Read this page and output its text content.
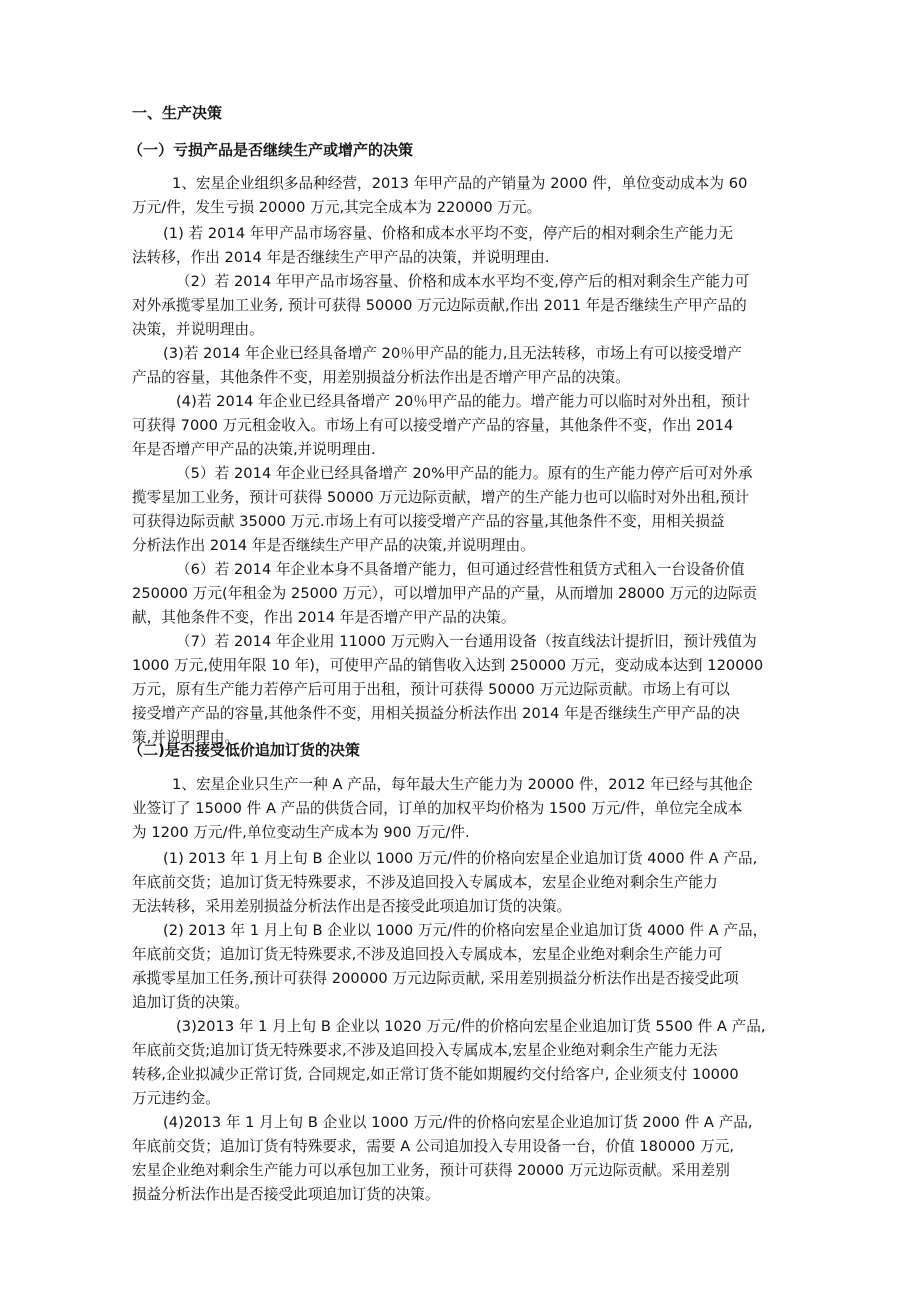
一、生产决策
（一）亏损产品是否继续生产或增产的决策
1、宏星企业组织多品种经营，2013 年甲产品的产销量为 2000 件，单位变动成本为 60
万元/件，发生亏损 20000 万元,其完全成本为 220000 万元。
(1) 若 2014 年甲产品市场容量、价格和成本水平均不变，停产后的相对剩余生产能力无
法转移，作出 2014 年是否继续生产甲产品的决策，并说明理由.
（2）若 2014 年甲产品市场容量、价格和成本水平均不变,停产后的相对剩余生产能力可
对外承揽零星加工业务, 预计可获得 50000 万元边际贡献,作出 2011 年是否继续生产甲产品的
决策，并说明理由。
(3)若 2014 年企业已经具备增产 20％甲产品的能力,且无法转移，市场上有可以接受增产
产品的容量，其他条件不变，用差别损益分析法作出是否增产甲产品的决策。
(4)若 2014 年企业已经具备增产 20％甲产品的能力。增产能力可以临时对外出租，预计
可获得 7000 万元租金收入。市场上有可以接受增产产品的容量，其他条件不变，作出 2014
年是否增产甲产品的决策,并说明理由.
（5）若 2014 年企业已经具备增产 20%甲产品的能力。原有的生产能力停产后可对外承
揽零星加工业务，预计可获得 50000 万元边际贡献，增产的生产能力也可以临时对外出租,预计
可获得边际贡献 35000 万元.市场上有可以接受增产产品的容量,其他条件不变，用相关损益
分析法作出 2014 年是否继续生产甲产品的决策,并说明理由。
（6）若 2014 年企业本身不具备增产能力，但可通过经营性租赁方式租入一台设备价值
250000 万元(年租金为 25000 万元），可以增加甲产品的产量，从而增加 28000 万元的边际贡
献，其他条件不变，作出 2014 年是否增产甲产品的决策。
（7）若 2014 年企业用 11000 万元购入一台通用设备（按直线法计提折旧，预计残值为
1000 万元,使用年限 10 年)，可使甲产品的销售收入达到 250000 万元，变动成本达到 120000
万元，原有生产能力若停产后可用于出租，预计可获得 50000 万元边际贡献。市场上有可以
接受增产产品的容量,其他条件不变，用相关损益分析法作出 2014 年是否继续生产甲产品的决
策,并说明理由。
（二)是否接受低价追加订货的决策
1、宏星企业只生产一种 A 产品，每年最大生产能力为 20000 件，2012 年已经与其他企
业签订了 15000 件 A 产品的供货合同，订单的加权平均价格为 1500 万元/件，单位完全成本
为 1200 万元/件,单位变动生产成本为 900 万元/件.
(1) 2013 年 1 月上旬 B 企业以 1000 万元/件的价格向宏星企业追加订货 4000 件 A 产品,
年底前交货；追加订货无特殊要求，不涉及追回投入专属成本，宏星企业绝对剩余生产能力
无法转移，采用差别损益分析法作出是否接受此项追加订货的决策。
(2) 2013 年 1 月上旬 B 企业以 1000 万元/件的价格向宏星企业追加订货 4000 件 A 产品，
年底前交货；追加订货无特殊要求,不涉及追回投入专属成本，宏星企业绝对剩余生产能力可
承揽零星加工任务,预计可获得 200000 万元边际贡献, 采用差别损益分析法作出是否接受此项
追加订货的决策。
(3)2013 年 1 月上旬 B 企业以 1020 万元/件的价格向宏星企业追加订货 5500 件 A 产品,
年底前交货;追加订货无特殊要求,不涉及追回投入专属成本,宏星企业绝对剩余生产能力无法
转移,企业拟减少正常订货, 合同规定,如正常订货不能如期履约交付给客户, 企业须支付 10000
万元违约金。
(4)2013 年 1 月上旬 B 企业以 1000 万元/件的价格向宏星企业追加订货 2000 件 A 产品,
年底前交货；追加订货有特殊要求，需要 A 公司追加投入专用设备一台，价值 180000 万元,
宏星企业绝对剩余生产能力可以承包加工业务，预计可获得 20000 万元边际贡献。采用差别
损益分析法作出是否接受此项追加订货的决策。
